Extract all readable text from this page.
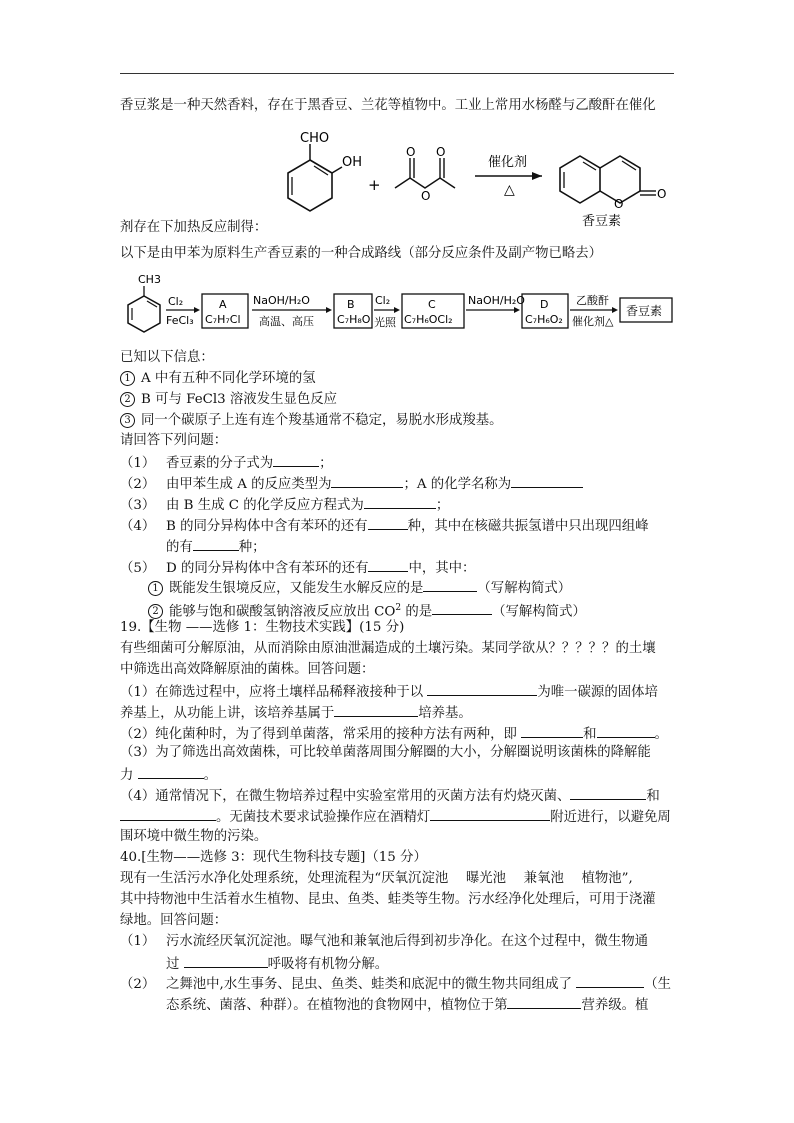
香豆浆是一种天然香料，存在于黑香豆、兰花等植物中。工业上常用水杨醛与乙酸酐在催化
CHO
OH
+
O O
O
催化剂
△
O
O
香豆素
剂存在下加热反应制得：
以下是由甲苯为原料生产香豆素的一种合成路线（部分反应条件及副产物已略去）
CH3
Cl₂
FeCl₃
A
C₇H₇Cl
NaOH/H₂O
高温、高压
B
C₇H₈O
Cl₂
光照
C
C₇H₆OCl₂
NaOH/H₂O D
C₇H₆O₂
乙酸酐
催化剂△
香豆素
已知以下信息：
1 A 中有五种不同化学环境的氢
2 B 可与 FeCl3 溶液发生显色反应
3 同一个碳原子上连有连个羧基通常不稳定，易脱水形成羧基。
请回答下列问题：
（1） 香豆素的分子式为	；
（2） 由甲苯生成 A 的反应类型为	；A 的化学名称为
（3） 由 B 生成 C 的化学反应方程式为	；
（4） B 的同分异构体中含有苯环的还有	种，其中在核磁共振氢谱中只出现四组峰
的有	种；
（5） D 的同分异构体中含有苯环的还有	中，其中：
1 既能发生银境反应，又能发生水解反应的是	（写解构简式）
2 能够与饱和碳酸氢钠溶液反应放出 $CO^2$ 的是	（写解构简式）
19.【生物 ——选修 1：生物技术实践】(15 分)
有些细菌可分解原油，从而消除由原油泄漏造成的土壤污染。某同学欲从？？？？？的土壤
中筛选出高效降解原油的菌株。回答问题：
（1）在筛选过程中，应将土壤样品稀释液接种于以	为唯一碳源的固体培
养基上，从功能上讲，该培养基属于	培养基。
（2）纯化菌种时，为了得到单菌落，常采用的接种方法有两种，即	和	。
（3）为了筛选出高效菌株，可比较单菌落周围分解圈的大小，分解圈说明该菌株的降解能
力	。
（4）通常情况下，在微生物培养过程中实验室常用的灭菌方法有灼烧灭菌、	和
。无菌技术要求试验操作应在酒精灯	附近进行，以避免周
围环境中微生物的污染。
40.[生物——选修 3：现代生物科技专题]（15 分）
现有一生活污水净化处理系统，处理流程为“厌氧沉淀池　 曝光池　 兼氧池　 植物池”,
其中持物池中生活着水生植物、昆虫、鱼类、蛙类等生物。污水经净化处理后，可用于浇灌
绿地。回答问题：
（1） 污水流经厌氧沉淀池。曝气池和兼氧池后得到初步净化。在这个过程中，微生物通
过	呼吸将有机物分解。
（2） 之舞池中,水生事务、昆虫、鱼类、蛙类和底泥中的微生物共同组成了	（生
态系统、菌落、种群）。在植物池的食物网中，植物位于第	营养级。植
